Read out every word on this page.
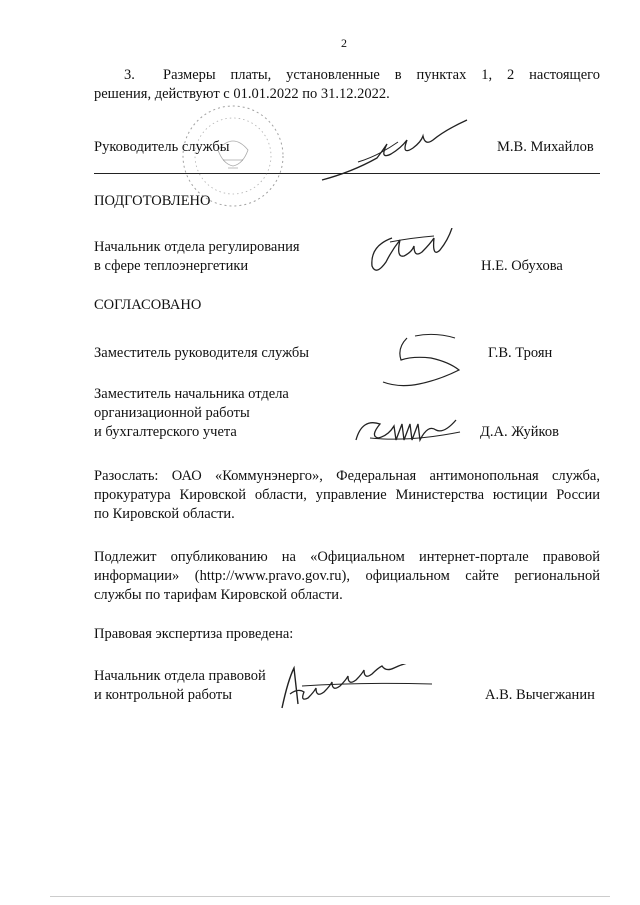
2
3. Размеры платы, установленные в пунктах 1, 2 настоящего
решения, действуют с 01.01.2022 по 31.12.2022.
Руководитель службы	М.В. Михайлов
ПОДГОТОВЛЕНО
Начальник отдела регулирования
в сфере теплоэнергетики	Н.Е. Обухова
СОГЛАСОВАНО
Заместитель руководителя службы	Г.В. Троян
Заместитель начальника отдела
организационной работы
и бухгалтерского учета	Д.А. Жуйков
Разослать: ОАО «Коммунэнерго», Федеральная антимонопольная служба,
прокуратура Кировской области, управление Министерства юстиции России
по Кировской области.
Подлежит опубликованию на «Официальном интернет-портале правовой
информации» (http://www.pravo.gov.ru), официальном сайте региональной
службы по тарифам Кировской области.
Правовая экспертиза проведена:
Начальник отдела правовой
и контрольной работы	А.В. Вычегжанин
